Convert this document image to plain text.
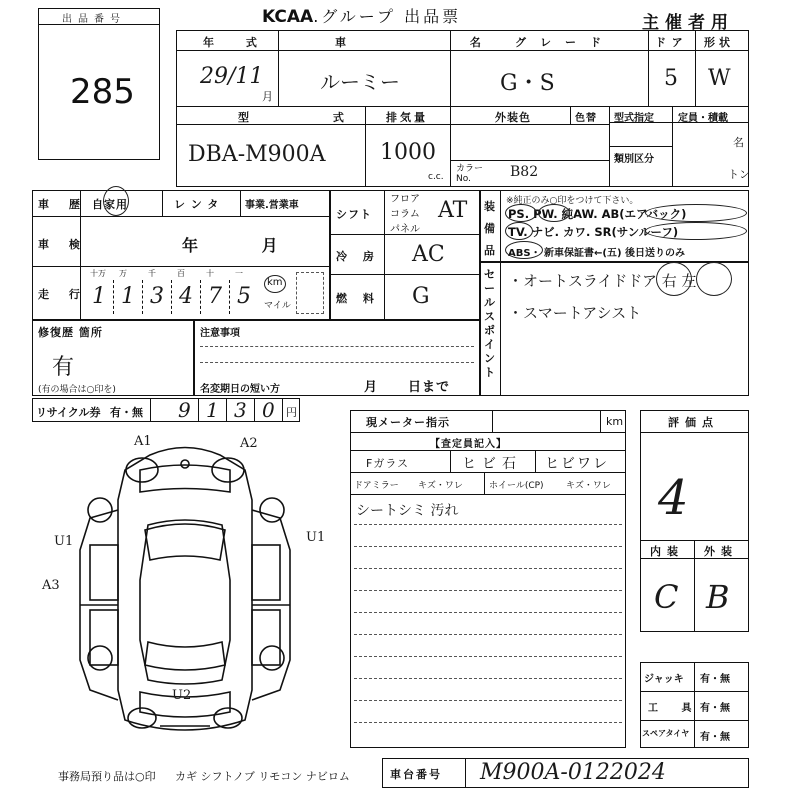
出品番号
285
KCAA.グループ 出品票	主催者用
年 式
29/11
月
車 名
ルーミー
グレード
G・S
ドア
5
形状
W
型 式
DBA-M900A
排気量
1000
c.c.
外装色	色替
カラー No.	B82
型式指定
類別区分
定員・積載
名
トン
車 歴 自家用	レンタ 事業.営業車
車 検	年 月
走 行
十万
1
万
1
千
3
百
4
十
7
一
5
km
マイル
修復歴 箇所
有
(有の場合は○印を)
注意事項
名変期日の短い方	月 日まで
リサイクル券 有・無 9 1 3 0 円
シフト
フロア
コラム
パネル
AT
冷 房 AC
燃 料 G
装備品
※純正のみ○印をつけて下さい。
PS. PW. 純AW. AB(エアバック)
TV. ナビ. カワ. SR(サンルーフ)
ABS・ 新車保証書←(五) 後日送りのみ
セールスポイント
・オートスライドドア 右 左
・スマートアシスト
A1	A2
U1	U1
A3
U2
現メーター指示	km
【査定員記入】
Fガラス	ヒビ 石 ヒビワレ
ドアミラー キズ・ワレ	ホイール(CP) キズ・ワレ
シートシミ 汚れ
評価点
4
内装 外装
C B
ジャッキ 有・無
工 具
有・無
スペアタイヤ 有・無
事務局預り品は○印 カギ シフトノブ リモコン ナビロム	車台番号 M900A-0122024
